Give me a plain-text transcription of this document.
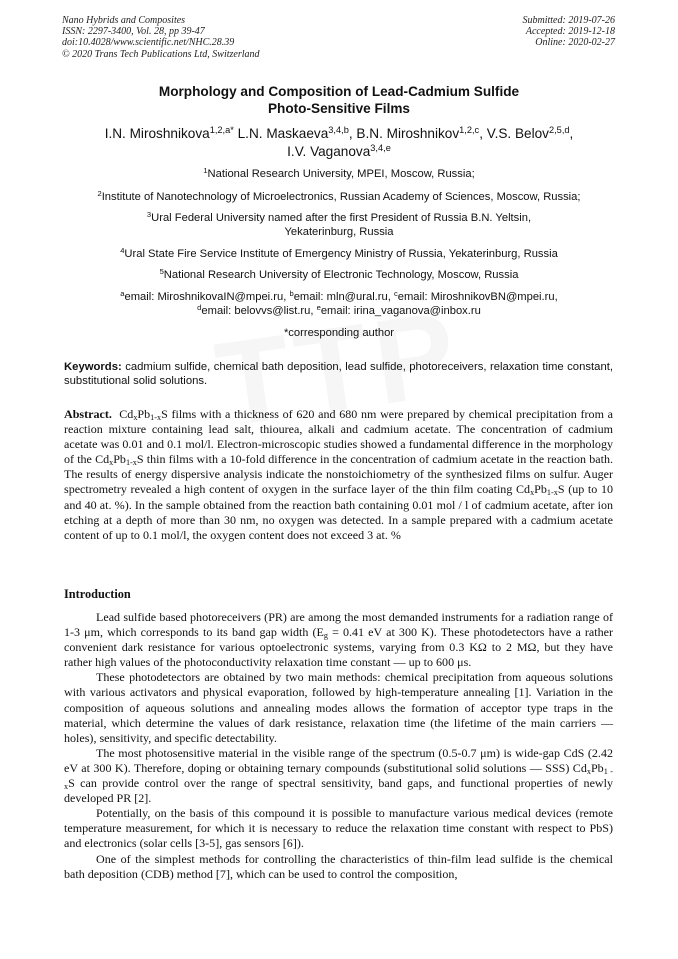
Nano Hybrids and Composites
ISSN: 2297-3400, Vol. 28, pp 39-47
doi:10.4028/www.scientific.net/NHC.28.39
© 2020 Trans Tech Publications Ltd, Switzerland
Submitted: 2019-07-26
Accepted: 2019-12-18
Online: 2020-02-27
Morphology and Composition of Lead-Cadmium Sulfide
Photo-Sensitive Films
I.N. Miroshnikova$^{1,2,a*}$ L.N. Maskaeva$^{3,4,b}$, B.N. Miroshnikov$^{1,2,c}$, V.S. Belov$^{2,5,d}$,
I.V. Vaganova$^{3,4,e}$
$^1$National Research University, MPEI, Moscow, Russia;
$^2$Institute of Nanotechnology of Microelectronics, Russian Academy of Sciences, Moscow, Russia;
$^3$Ural Federal University named after the first President of Russia B.N. Yeltsin,
Yekaterinburg, Russia
$^4$Ural State Fire Service Institute of Emergency Ministry of Russia, Yekaterinburg, Russia
$^5$National Research University of Electronic Technology, Moscow, Russia
$^a$email: MiroshnikovaIN@mpei.ru, $^b$email: mln@ural.ru, $^c$email: MiroshnikovBN@mpei.ru,
$^d$email: belovvs@list.ru, $^e$email: irina_vaganova@inbox.ru
*corresponding author
Keywords: cadmium sulfide, chemical bath deposition, lead sulfide, photoreceivers, relaxation time constant, substitutional solid solutions.
Abstract. $Cd_xPb_{1-x}S$ films with a thickness of 620 and 680 nm were prepared by chemical precipitation from a reaction mixture containing lead salt, thiourea, alkali and cadmium acetate. The concentration of cadmium acetate was 0.01 and 0.1 mol/l. Electron-microscopic studies showed a fundamental difference in the morphology of the $Cd_xPb_{1-x}S$ thin films with a 10-fold difference in the concentration of cadmium acetate in the reaction bath. The results of energy dispersive analysis indicate the nonstoichiometry of the synthesized films on sulfur. Auger spectrometry revealed a high content of oxygen in the surface layer of the thin film coating $Cd_xPb_{1-x}S$ (up to 10 and 40 at. %). In the sample obtained from the reaction bath containing 0.01 mol / l of cadmium acetate, after ion etching at a depth of more than 30 nm, no oxygen was detected. In a sample prepared with a cadmium acetate content of up to 0.1 mol/l, the oxygen content does not exceed 3 at. %
Introduction

Lead sulfide based photoreceivers (PR) are among the most demanded instruments for a radiation range of 1-3 μm, which corresponds to its band gap width ($E_g = 0.41$ eV at 300 K). These photodetectors have a rather convenient dark resistance for various optoelectronic systems, varying from 0.3 KΩ to 2 MΩ, but they have rather high values of the photoconductivity relaxation time constant — up to 600 μs.

These photodetectors are obtained by two main methods: chemical precipitation from aqueous solutions with various activators and physical evaporation, followed by high-temperature annealing [1]. Variation in the composition of aqueous solutions and annealing modes allows the formation of acceptor type traps in the material, which determine the values of dark resistance, relaxation time (the lifetime of the main carriers — holes), sensitivity, and specific detectability.

The most photosensitive material in the visible range of the spectrum (0.5-0.7 μm) is wide-gap CdS (2.42 eV at 300 K). Therefore, doping or obtaining ternary compounds (substitutional solid solutions — SSS) $Cd_xPb_{1 - x}S$ can provide control over the range of spectral sensitivity, band gaps, and functional properties of newly developed PR [2].

Potentially, on the basis of this compound it is possible to manufacture various medical devices (remote temperature measurement, for which it is necessary to reduce the relaxation time constant with respect to PbS) and electronics (solar cells [3-5], gas sensors [6]).

One of the simplest methods for controlling the characteristics of thin-film lead sulfide is the chemical bath deposition (CDB) method [7], which can be used to control the composition,
